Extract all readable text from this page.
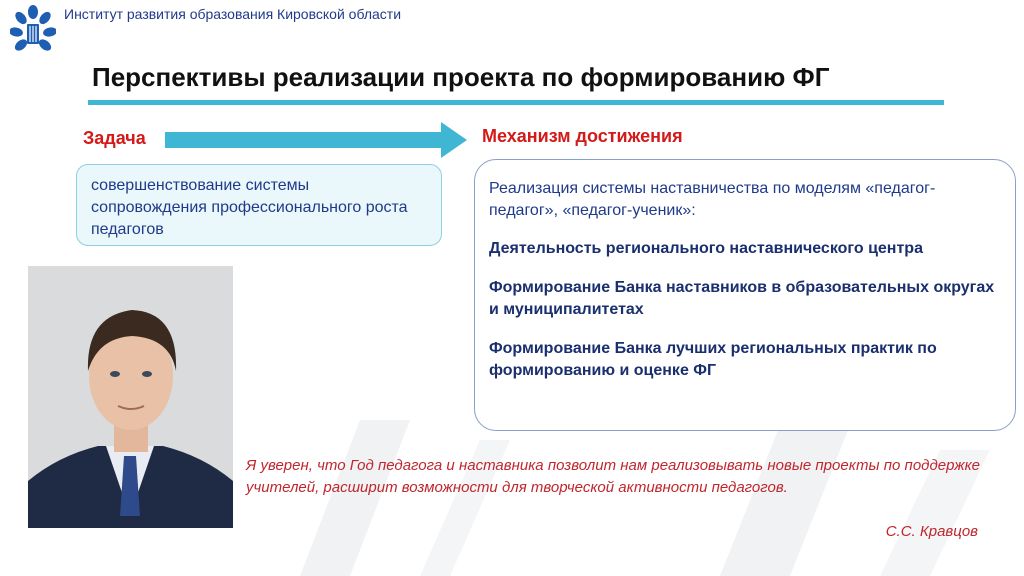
Институт развития образования Кировской области
Перспективы реализации проекта по формированию ФГ
Задача	Механизм достижения
совершенствование системы сопровождения профессионального роста педагогов
Реализация системы наставничества по моделям «педагог-педагог», «педагог-ученик»:
Деятельность регионального наставнического центра
Формирование Банка наставников в образовательных округах и муниципалитетах
Формирование Банка лучших региональных практик по формированию и оценке ФГ
Я уверен, что Год педагога и наставника позволит нам реализовывать новые проекты по поддержке учителей, расширит возможности для творческой активности педагогов.
С.С. Кравцов
